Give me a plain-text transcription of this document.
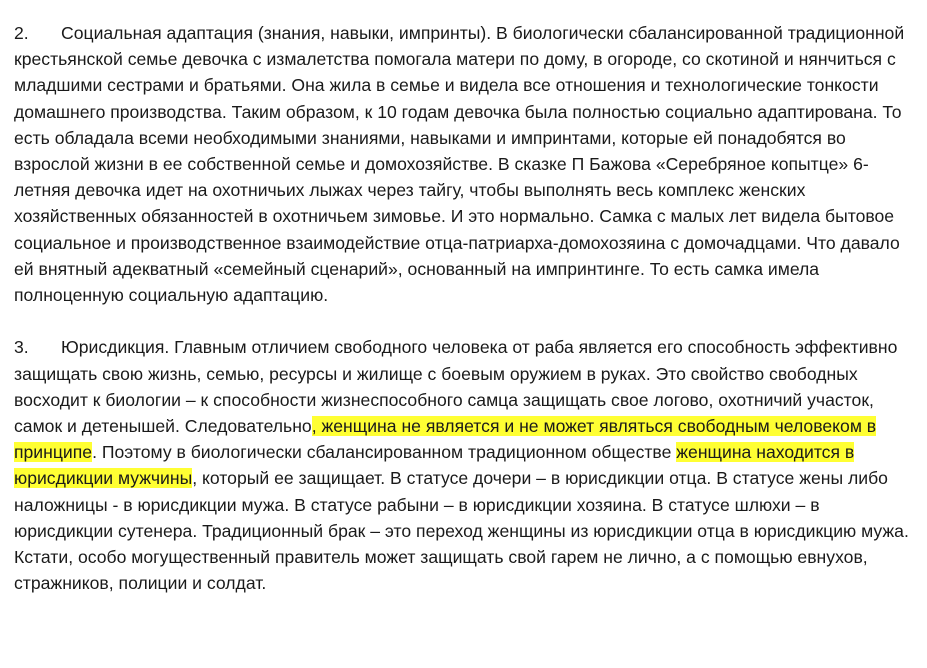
2. Социальная адаптация (знания, навыки, импринты). В биологически сбалансированной традиционной крестьянской семье девочка с измалетства помогала матери по дому, в огороде, со скотиной и нянчиться с младшими сестрами и братьями. Она жила в семье и видела все отношения и технологические тонкости домашнего производства. Таким образом, к 10 годам девочка была полностью социально адаптирована. То есть обладала всеми необходимыми знаниями, навыками и импринтами, которые ей понадобятся во взрослой жизни в ее собственной семье и домохозяйстве. В сказке П Бажова «Серебряное копытце» 6-летняя девочка идет на охотничьих лыжах через тайгу, чтобы выполнять весь комплекс женских хозяйственных обязанностей в охотничьем зимовье. И это нормально. Самка с малых лет видела бытовое социальное и производственное взаимодействие отца-патриарха-домохозяина с домочадцами. Что давало ей внятный адекватный «семейный сценарий», основанный на импринтинге. То есть самка имела полноценную социальную адаптацию.

3. Юрисдикция. Главным отличием свободного человека от раба является его способность эффективно защищать свою жизнь, семью, ресурсы и жилище с боевым оружием в руках. Это свойство свободных восходит к биологии – к способности жизнеспособного самца защищать свое логово, охотничий участок, самок и детенышей. Следовательно, женщина не является и не может являться свободным человеком в принципе. Поэтому в биологически сбалансированном традиционном обществе женщина находится в юрисдикции мужчины, который ее защищает. В статусе дочери – в юрисдикции отца. В статусе жены либо наложницы - в юрисдикции мужа. В статусе рабыни – в юрисдикции хозяина. В статусе шлюхи – в юрисдикции сутенера. Традиционный брак – это переход женщины из юрисдикции отца в юрисдикцию мужа. Кстати, особо могущественный правитель может защищать свой гарем не лично, а с помощью евнухов, стражников, полиции и солдат.
